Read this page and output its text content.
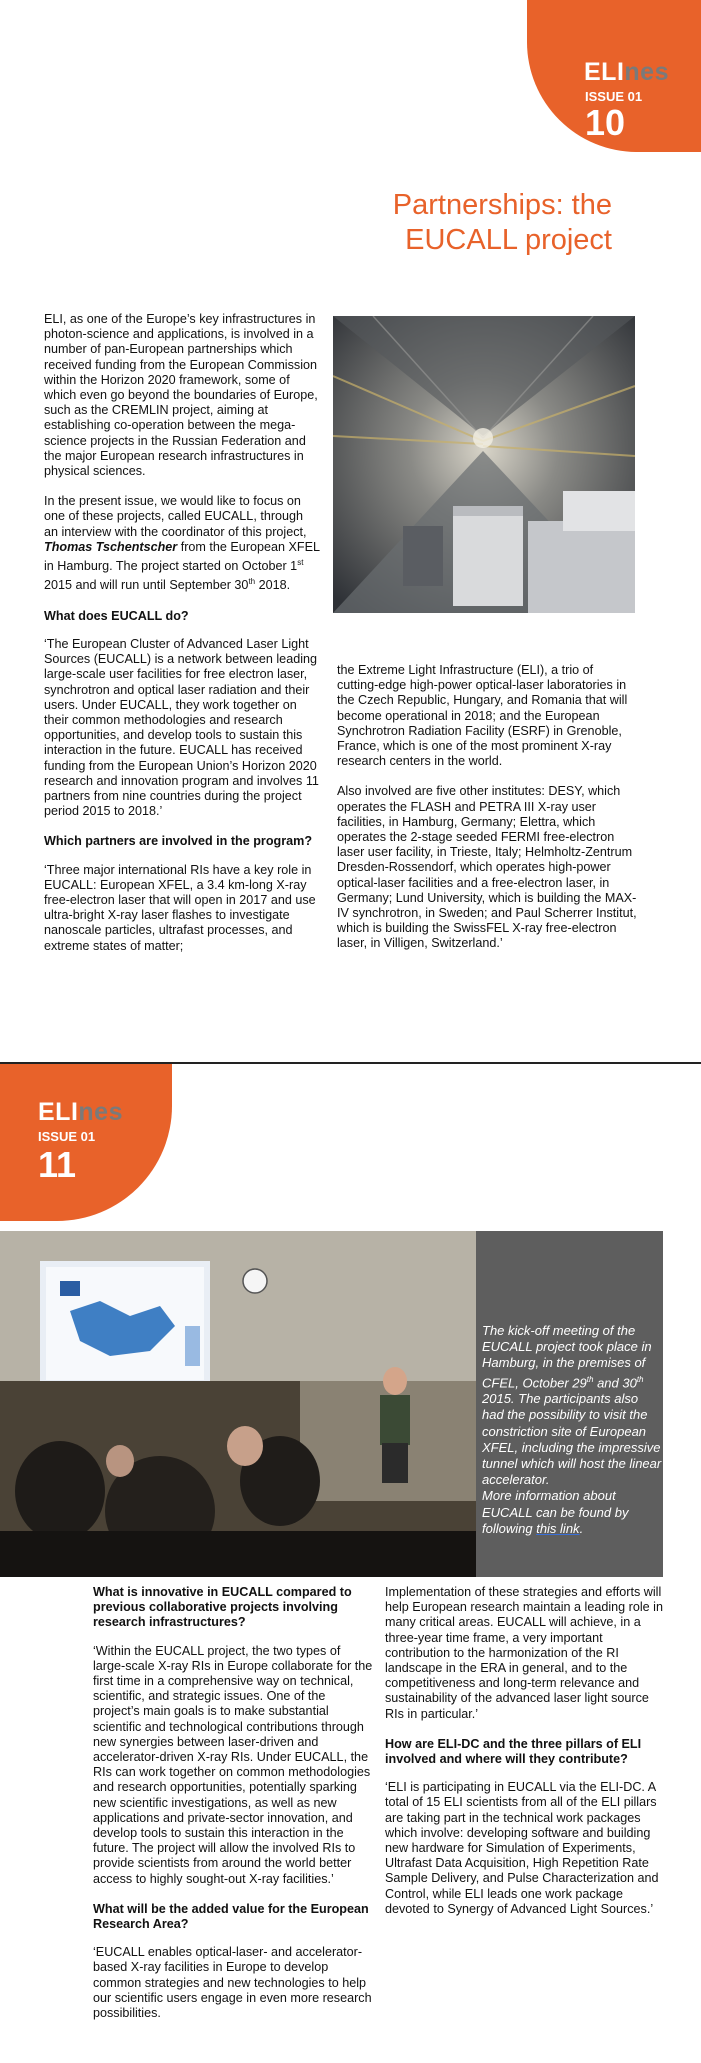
ELInes
ISSUE 01
10
Partnerships: the
EUCALL project

ELI, as one of the Europe’s key infrastructures in photon-science and applications, is involved in a number of pan-European partnerships which received funding from the European Commission within the Horizon 2020 framework, some of which even go beyond the boundaries of Europe, such as the CREMLIN project, aiming at establishing co-operation between the mega-science projects in the Russian Federation and the major European research infrastructures in physical sciences.

In the present issue, we would like to focus on one of these projects, called EUCALL, through an interview with the coordinator of this project, Thomas Tschentscher from the European XFEL in Hamburg. The project started on October 1st 2015 and will run until September 30th 2018.

What does EUCALL do?

‘The European Cluster of Advanced Laser Light Sources (EUCALL) is a network between leading large-scale user facilities for free electron laser, synchrotron and optical laser radiation and their users. Under EUCALL, they work together on their common methodologies and research opportunities, and develop tools to sustain this interaction in the future. EUCALL has received funding from the European Union’s Horizon 2020 research and innovation program and involves 11 partners from nine countries during the project period 2015 to 2018.’

Which partners are involved in the program?

‘Three major international RIs have a key role in EUCALL: European XFEL, a 3.4 km-long X-ray free-electron laser that will open in 2017 and use ultra-bright X-ray laser flashes to investigate nanoscale particles, ultrafast processes, and extreme states of matter;

the Extreme Light Infrastructure (ELI), a trio of cutting-edge high-power optical-laser laboratories in the Czech Republic, Hungary, and Romania that will become operational in 2018; and the European Synchrotron Radiation Facility (ESRF) in Grenoble, France, which is one of the most prominent X-ray research centers in the world.

Also involved are five other institutes: DESY, which operates the FLASH and PETRA III X-ray user facilities, in Hamburg, Germany; Elettra, which operates the 2-stage seeded FERMI free-electron laser user facility, in Trieste, Italy; Helmholtz-Zentrum Dresden-Rossendorf, which operates high-power optical-laser facilities and a free-electron laser, in Germany; Lund University, which is building the MAX-IV synchrotron, in Sweden; and Paul Scherrer Institut, which is building the SwissFEL X-ray free-electron laser, in Villigen, Switzerland.’

ELInes
ISSUE 01
11
The kick-off meeting of the EUCALL project took place in Hamburg, in the premises of CFEL, October 29th and 30th 2015. The participants also had the possibility to visit the constriction site of European XFEL, including the impressive tunnel which will host the linear accelerator.
More information about EUCALL can be found by following this link.

What is innovative in EUCALL compared to previous collaborative projects involving research infrastructures?

‘Within the EUCALL project, the two types of large-scale X-ray RIs in Europe collaborate for the first time in a comprehensive way on technical, scientific, and strategic issues. One of the project’s main goals is to make substantial scientific and technological contributions through new synergies between laser-driven and accelerator-driven X-ray RIs. Under EUCALL, the RIs can work together on common methodologies and research opportunities, potentially sparking new scientific investigations, as well as new applications and private-sector innovation, and develop tools to sustain this interaction in the future. The project will allow the involved RIs to provide scientists from around the world better access to highly sought-out X-ray facilities.’

What will be the added value for the European Research Area?

‘EUCALL enables optical-laser- and accelerator-based X-ray facilities in Europe to develop common strategies and new technologies to help our scientific users engage in even more research possibilities.

Implementation of these strategies and efforts will help European research maintain a leading role in many critical areas. EUCALL will achieve, in a three-year time frame, a very important contribution to the harmonization of the RI landscape in the ERA in general, and to the competitiveness and long-term relevance and sustainability of the advanced laser light source RIs in particular.’

How are ELI-DC and the three pillars of ELI involved and where will they contribute?

‘ELI is participating in EUCALL via the ELI-DC. A total of 15 ELI scientists from all of the ELI pillars are taking part in the technical work packages which involve: developing software and building new hardware for Simulation of Experiments, Ultrafast Data Acquisition, High Repetition Rate Sample Delivery, and Pulse Characterization and Control, while ELI leads one work package devoted to Synergy of Advanced Light Sources.’
